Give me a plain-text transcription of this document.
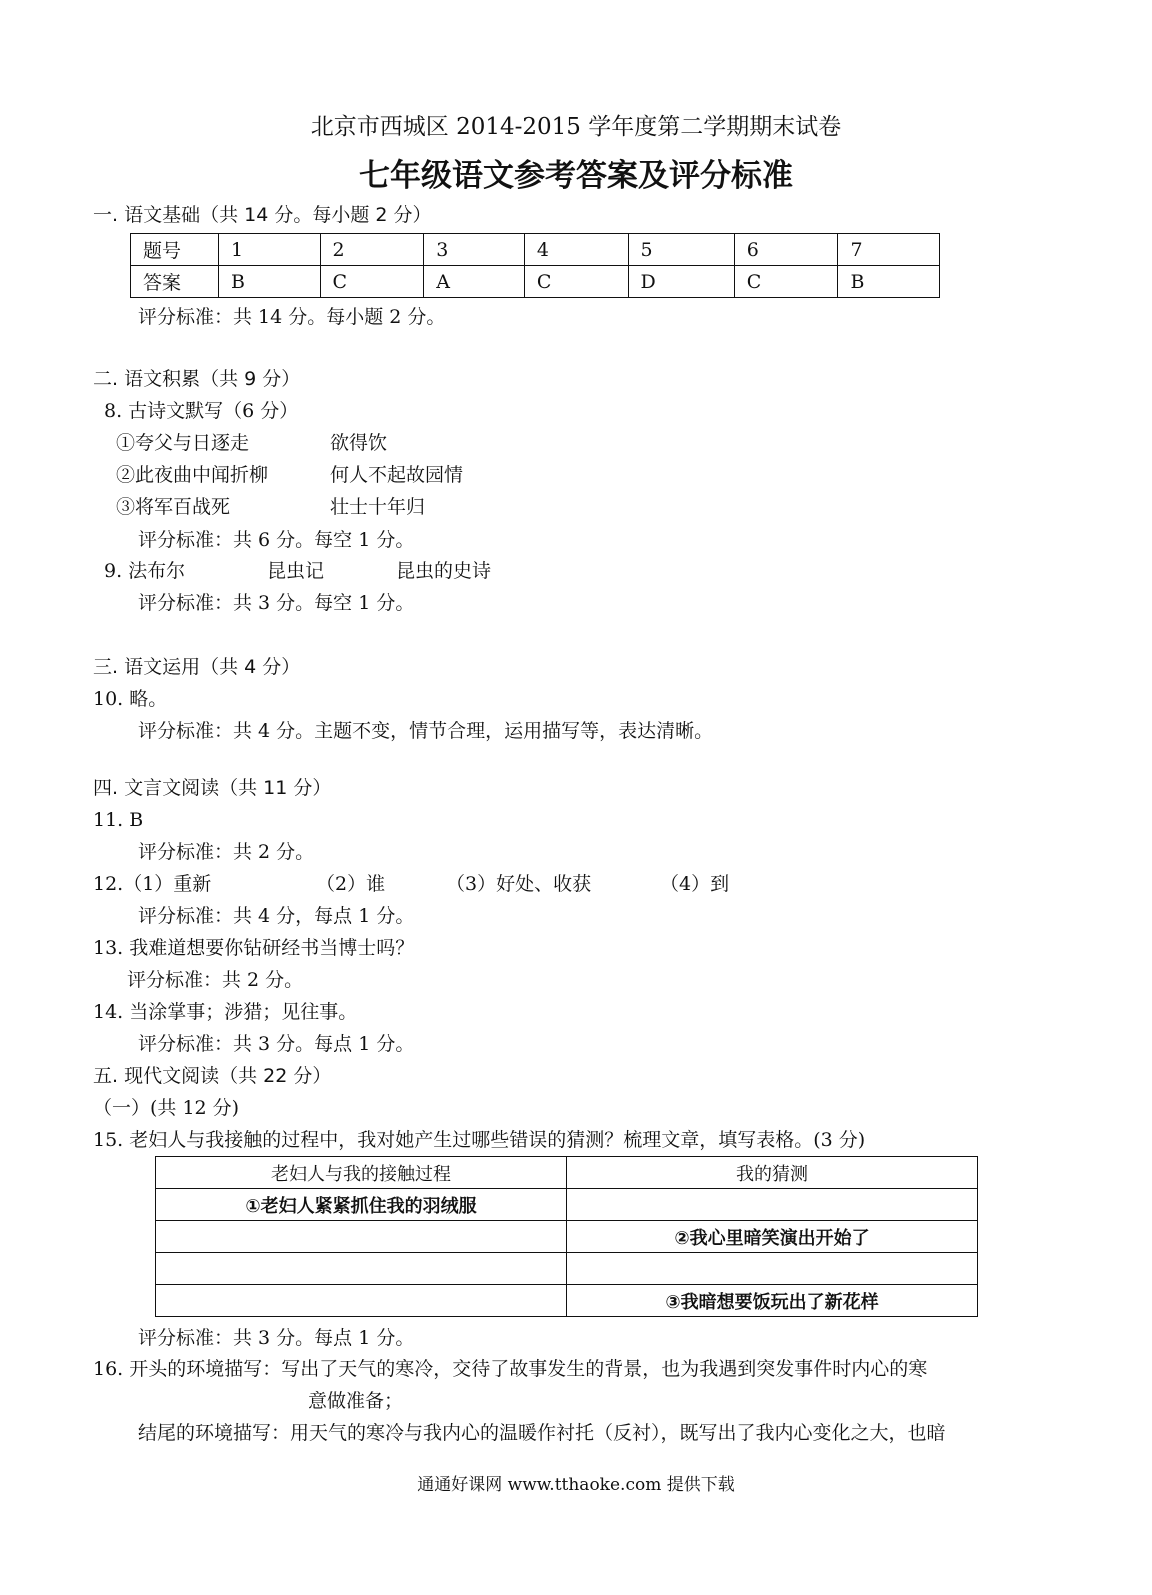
北京市西城区 2014-2015 学年度第二学期期末试卷
七年级语文参考答案及评分标准
一. 语文基础（共 14 分。每小题 2 分）
题号	1	2	3	4	5	6	7
答案	B	C	A	C	D	C	B
评分标准：共 14 分。每小题 2 分。
二. 语文积累（共 9 分）
8. 古诗文默写（6 分）
①夸父与日逐走	欲得饮
②此夜曲中闻折柳	何人不起故园情
③将军百战死	壮士十年归
评分标准：共 6 分。每空 1 分。
9. 法布尔	昆虫记	昆虫的史诗
评分标准：共 3 分。每空 1 分。
三. 语文运用（共 4 分）
10. 略。
评分标准：共 4 分。主题不变，情节合理，运用描写等，表达清晰。
四. 文言文阅读（共 11 分）
11. B
评分标准：共 2 分。
12.（1）重新	（2）谁	（3）好处、收获	（4）到
评分标准：共 4 分，每点 1 分。
13. 我难道想要你钻研经书当博士吗？
评分标准：共 2 分。
14. 当涂掌事；涉猎；见往事。
评分标准：共 3 分。每点 1 分。
五. 现代文阅读（共 22 分）
（一）(共 12 分)
15. 老妇人与我接触的过程中，我对她产生过哪些错误的猜测？梳理文章，填写表格。(3 分)
老妇人与我的接触过程	我的猜测
①老妇人紧紧抓住我的羽绒服	
	②我心里暗笑演出开始了

	③我暗想要饭玩出了新花样
评分标准：共 3 分。每点 1 分。
16. 开头的环境描写：写出了天气的寒冷，交待了故事发生的背景，也为我遇到突发事件时内心的寒
意做准备；
结尾的环境描写：用天气的寒冷与我内心的温暖作衬托（反衬），既写出了我内心变化之大，也暗
通通好课网 www.tthaoke.com 提供下载
